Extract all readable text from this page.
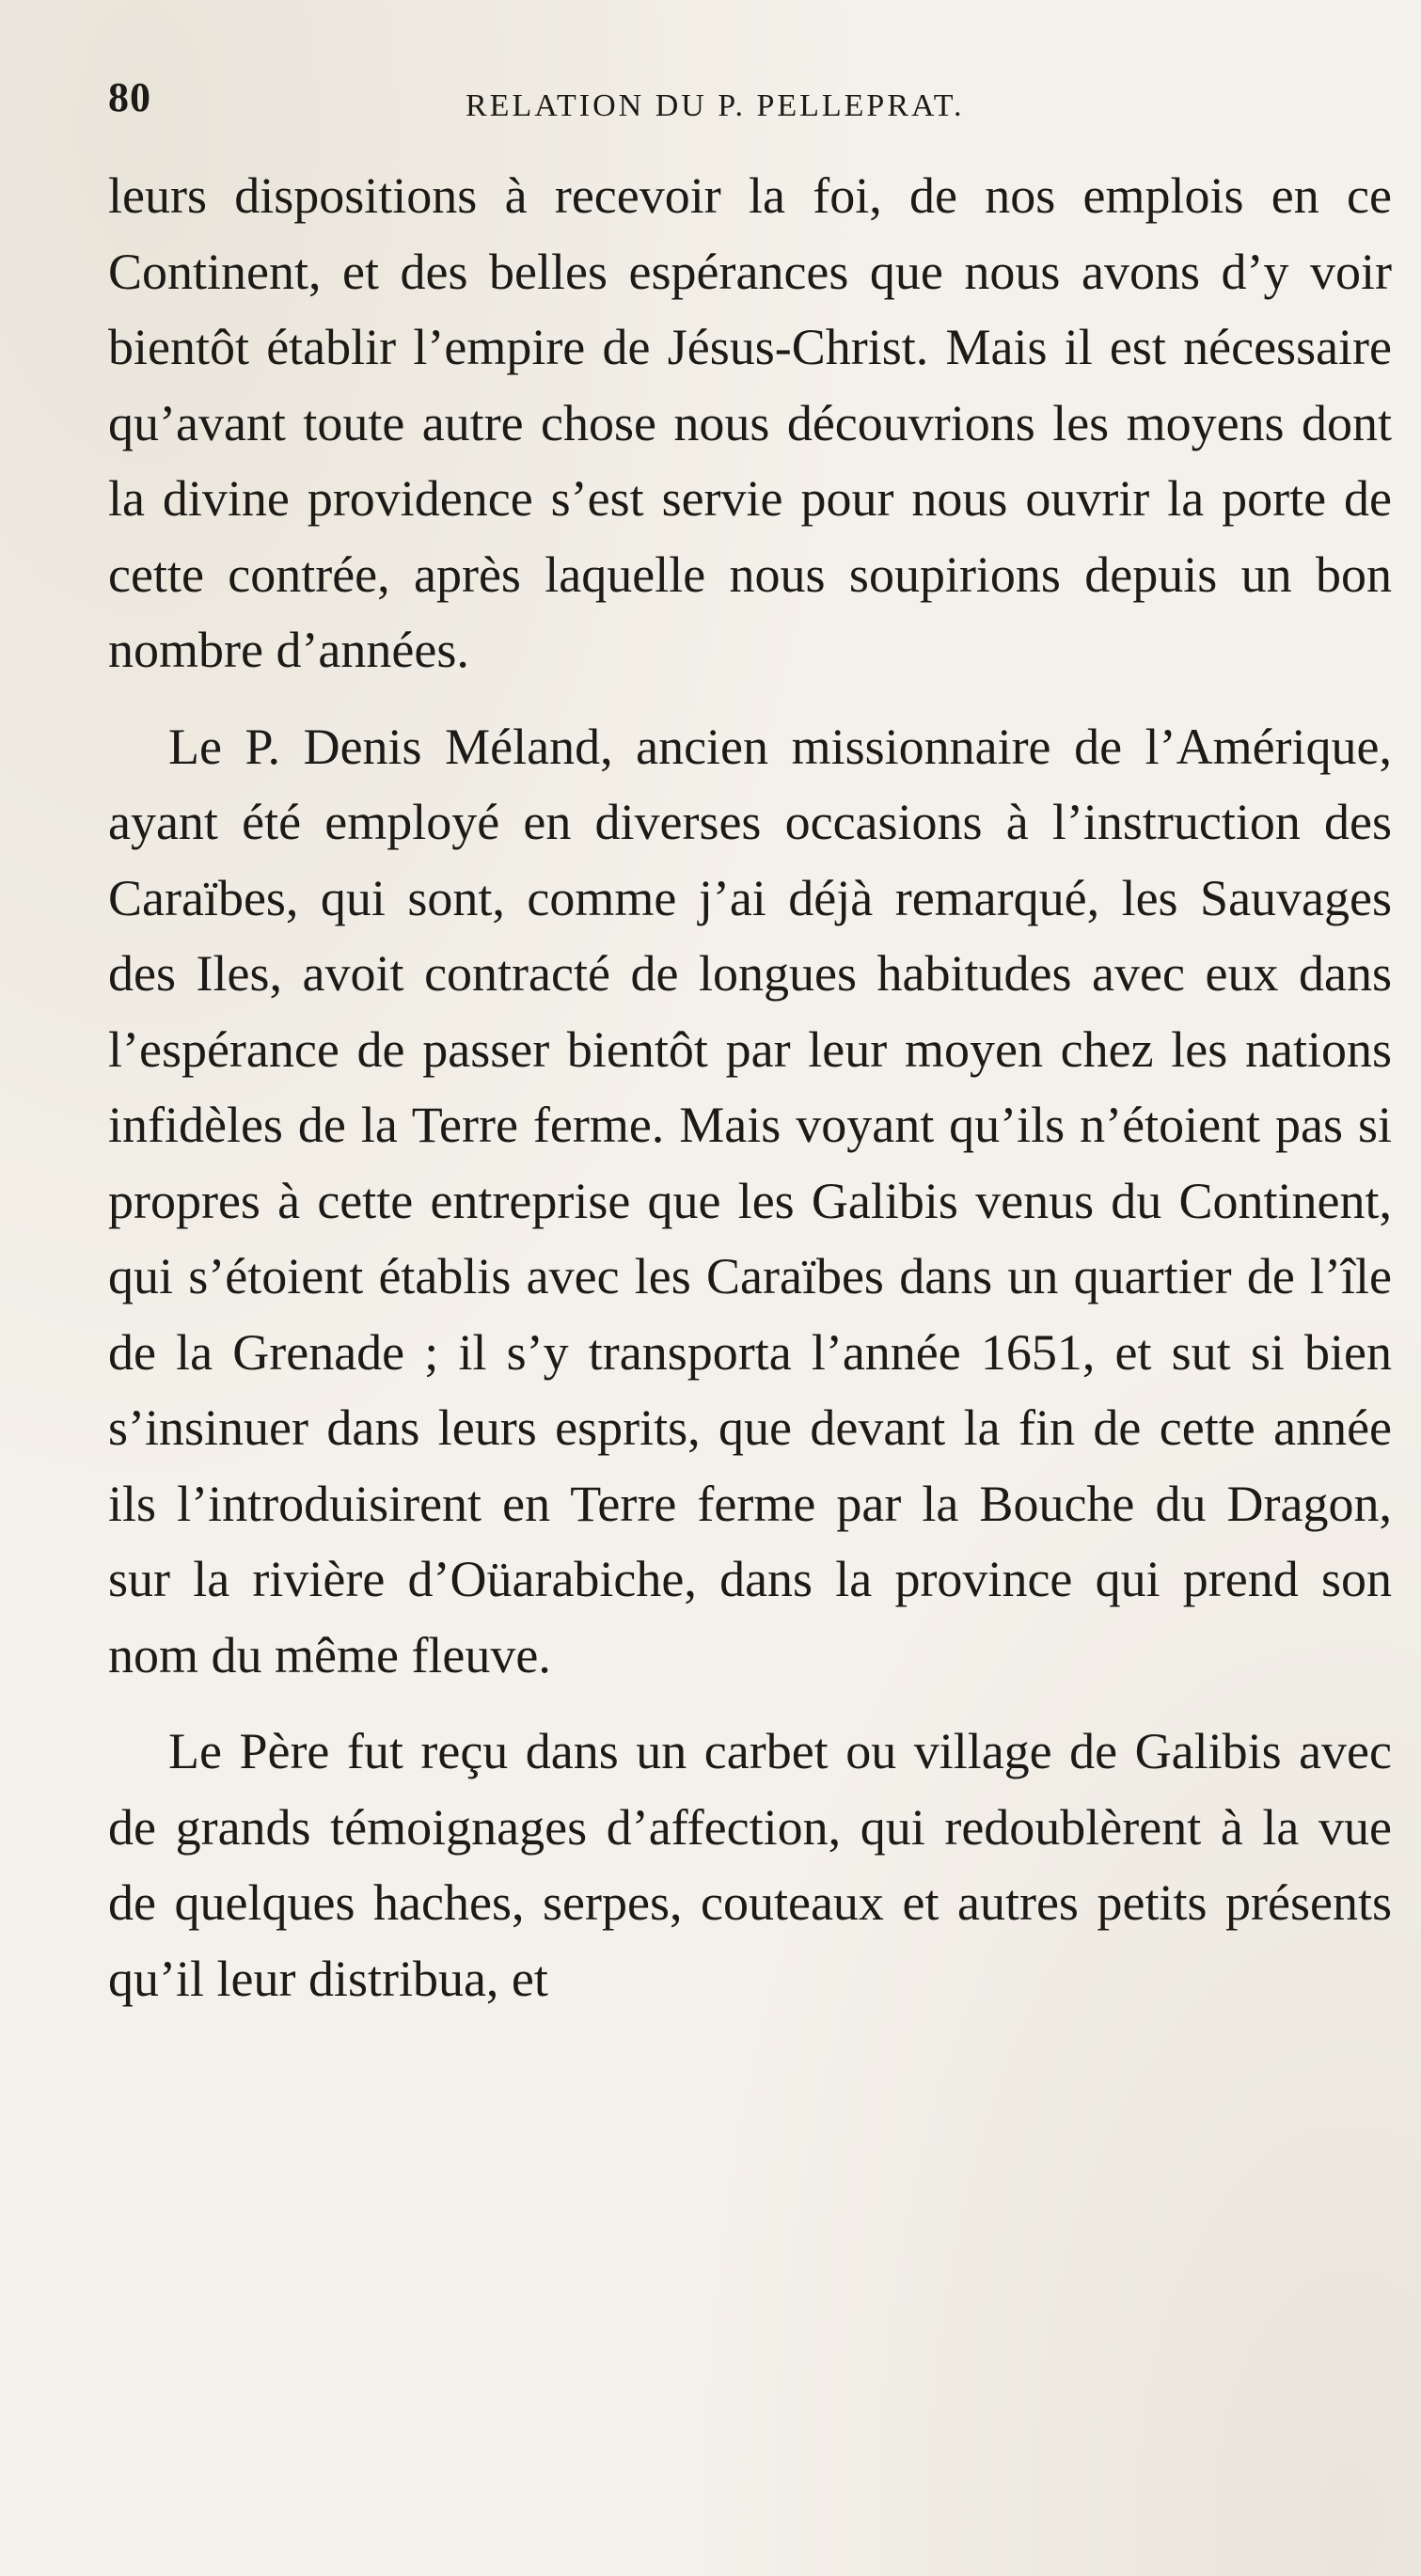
80	RELATION DU P. PELLEPRAT.

leurs dispositions à recevoir la foi, de nos emplois en ce Continent, et des belles espérances que nous avons d’y voir bientôt établir l’empire de Jésus-Christ. Mais il est nécessaire qu’avant toute autre chose nous découvrions les moyens dont la divine providence s’est servie pour nous ouvrir la porte de cette contrée, après laquelle nous soupirions depuis un bon nombre d’années.

Le P. Denis Méland, ancien missionnaire de l’Amérique, ayant été employé en diverses occasions à l’instruction des Caraïbes, qui sont, comme j’ai déjà remarqué, les Sauvages des Iles, avoit contracté de longues habitudes avec eux dans l’espérance de passer bientôt par leur moyen chez les nations infidèles de la Terre ferme. Mais voyant qu’ils n’étoient pas si propres à cette entreprise que les Galibis venus du Continent, qui s’étoient établis avec les Caraïbes dans un quartier de l’île de la Grenade ; il s’y transporta l’année 1651, et sut si bien s’insinuer dans leurs esprits, que devant la fin de cette année ils l’introduisirent en Terre ferme par la Bouche du Dragon, sur la rivière d’Oüarabiche, dans la province qui prend son nom du même fleuve.

Le Père fut reçu dans un carbet ou village de Galibis avec de grands témoignages d’affection, qui redoublèrent à la vue de quelques haches, serpes, couteaux et autres petits présents qu’il leur distribua, et
